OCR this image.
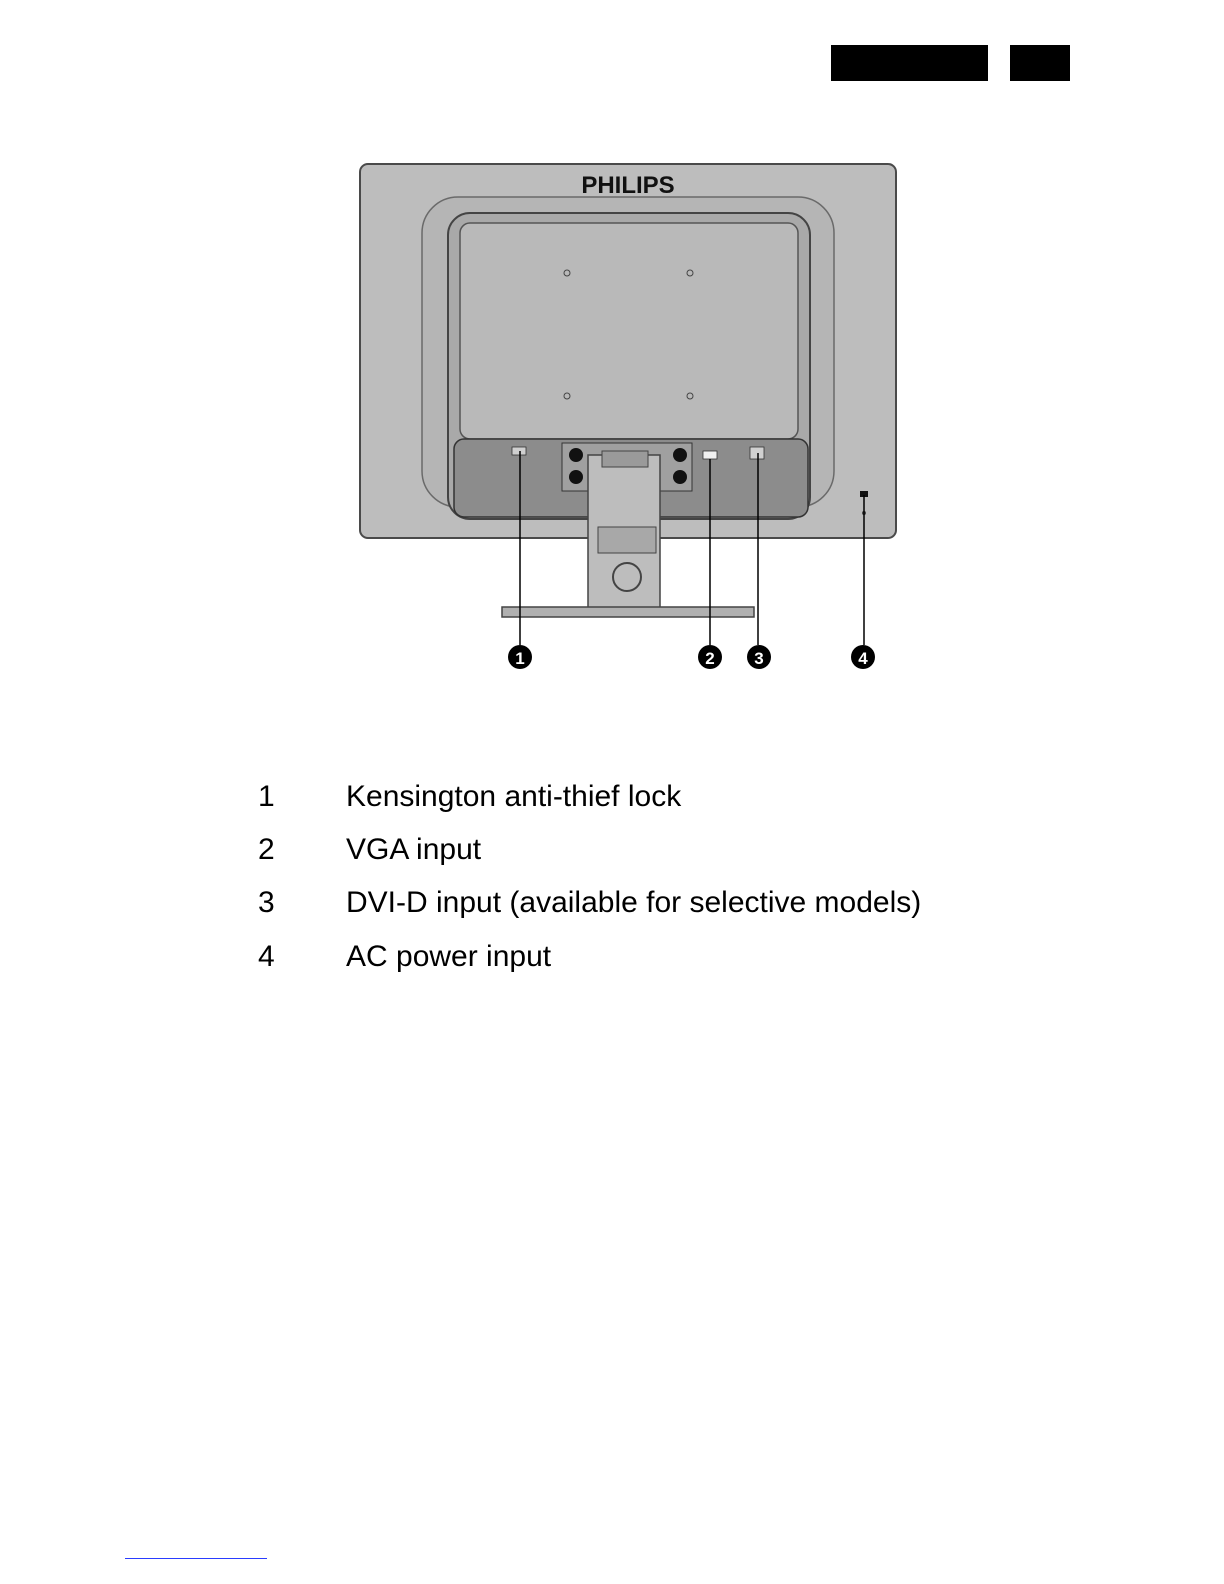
PHILIPS
1	2 3	4
1	Kensington anti-thief lock
2	VGA input
3	DVI-D input (available for selective models)
4	AC power input
